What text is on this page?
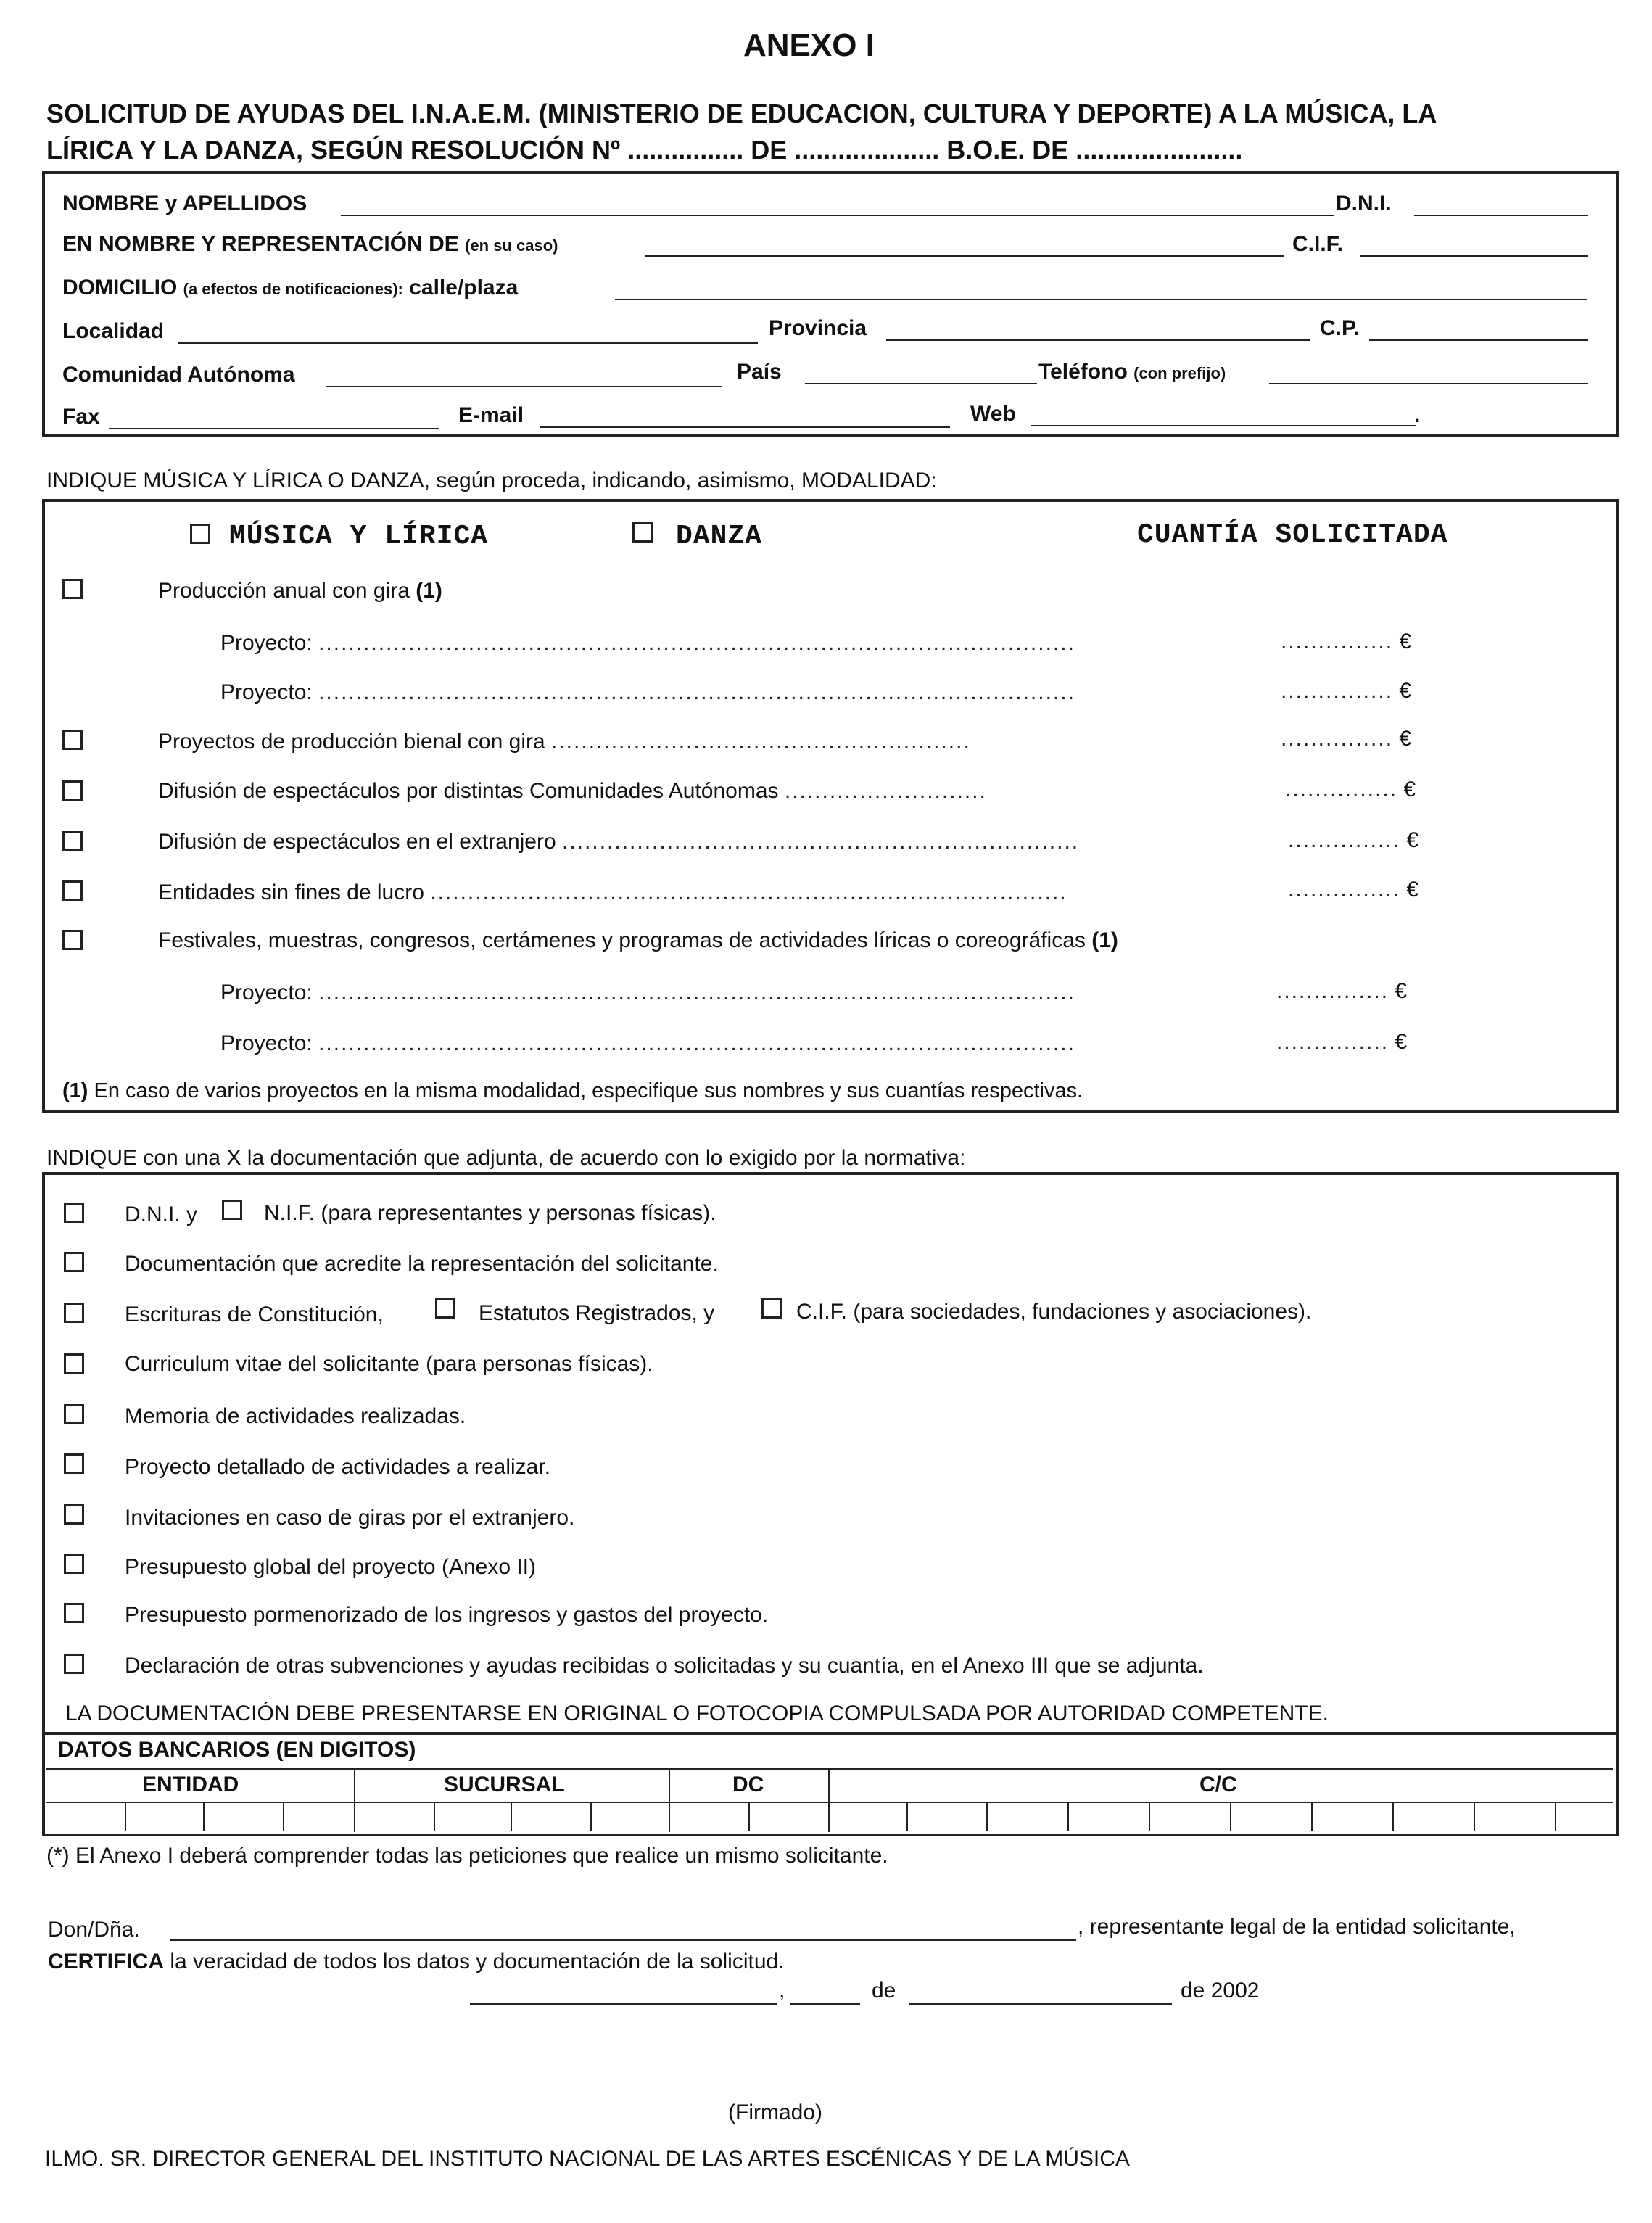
ANEXO I
SOLICITUD DE AYUDAS DEL I.N.A.E.M. (MINISTERIO DE EDUCACION, CULTURA Y DEPORTE) A LA MÚSICA, LA
LÍRICA Y LA DANZA, SEGÚN RESOLUCIÓN Nº ................ DE .................... B.O.E. DE .......................
NOMBRE y APELLIDOS	D.N.I.
EN NOMBRE Y REPRESENTACIÓN DE (en su caso)	C.I.F.
DOMICILIO (a efectos de notificaciones): calle/plaza
Localidad	Provincia	C.P.
Comunidad Autónoma	País	Teléfono (con prefijo)
Fax	E-mail	Web	.
INDIQUE MÚSICA Y LÍRICA O DANZA, según proceda, indicando, asimismo, MODALIDAD:
MÚSICA Y LÍRICA	DANZA	CUANTÍA SOLICITADA
Producción anual con gira (1)
Proyecto: .....................................................................................................	............... €
Proyecto: .....................................................................................................	............... €
Proyectos de producción bienal con gira ........................................................	............... €
Difusión de espectáculos por distintas Comunidades Autónomas ...........................	............... €
Difusión de espectáculos en el extranjero .....................................................................	............... €
Entidades sin fines de lucro .....................................................................................	............... €
Festivales, muestras, congresos, certámenes y programas de actividades líricas o coreográficas (1)
Proyecto: .....................................................................................................	............... €
Proyecto: .....................................................................................................	............... €
(1) En caso de varios proyectos en la misma modalidad, especifique sus nombres y sus cuantías respectivas.
INDIQUE con una X la documentación que adjunta, de acuerdo con lo exigido por la normativa:
D.N.I. y	N.I.F. (para representantes y personas físicas).
Documentación que acredite la representación del solicitante.
Escrituras de Constitución,	Estatutos Registrados, y	C.I.F. (para sociedades, fundaciones y asociaciones).
Curriculum vitae del solicitante (para personas físicas).
Memoria de actividades realizadas.
Proyecto detallado de actividades a realizar.
Invitaciones en caso de giras por el extranjero.
Presupuesto global del proyecto (Anexo II)
Presupuesto pormenorizado de los ingresos y gastos del proyecto.
Declaración de otras subvenciones y ayudas recibidas o solicitadas y su cuantía, en el Anexo III que se adjunta.
LA DOCUMENTACIÓN DEBE PRESENTARSE EN ORIGINAL O FOTOCOPIA COMPULSADA POR AUTORIDAD COMPETENTE.
DATOS BANCARIOS (EN DIGITOS)
ENTIDAD	SUCURSAL	DC	C/C
(*) El Anexo I deberá comprender todas las peticiones que realice un mismo solicitante.
Don/Dña.	, representante legal de la entidad solicitante,
CERTIFICA la veracidad de todos los datos y documentación de la solicitud.
,	de	de 2002
(Firmado)
ILMO. SR. DIRECTOR GENERAL DEL INSTITUTO NACIONAL DE LAS ARTES ESCÉNICAS Y DE LA MÚSICA
